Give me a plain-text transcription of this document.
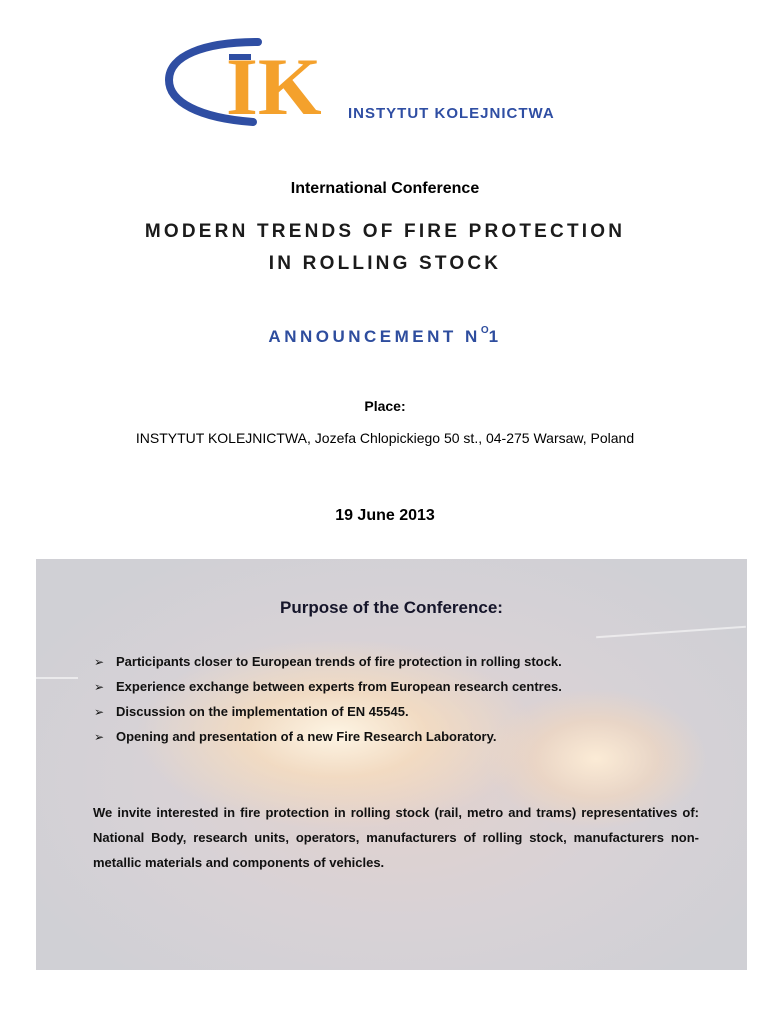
IK INSTYTUT KOLEJNICTWA
International Conference
MODERN TRENDS OF FIRE PROTECTION
IN ROLLING STOCK
ANNOUNCEMENT $N^O1$
Place:
INSTYTUT KOLEJNICTWA, Jozefa Chlopickiego 50 st., 04-275 Warsaw, Poland
19 June 2013
Purpose of the Conference:
➢ Participants closer to European trends of fire protection in rolling stock.
➢ Experience exchange between experts from European research centres.
➢ Discussion on the implementation of EN 45545.
➢ Opening and presentation of a new Fire Research Laboratory.
We invite interested in fire protection in rolling stock (rail, metro and trams) representatives of: National Body, research units, operators, manufacturers of rolling stock, manufacturers non-metallic materials and components of vehicles.
